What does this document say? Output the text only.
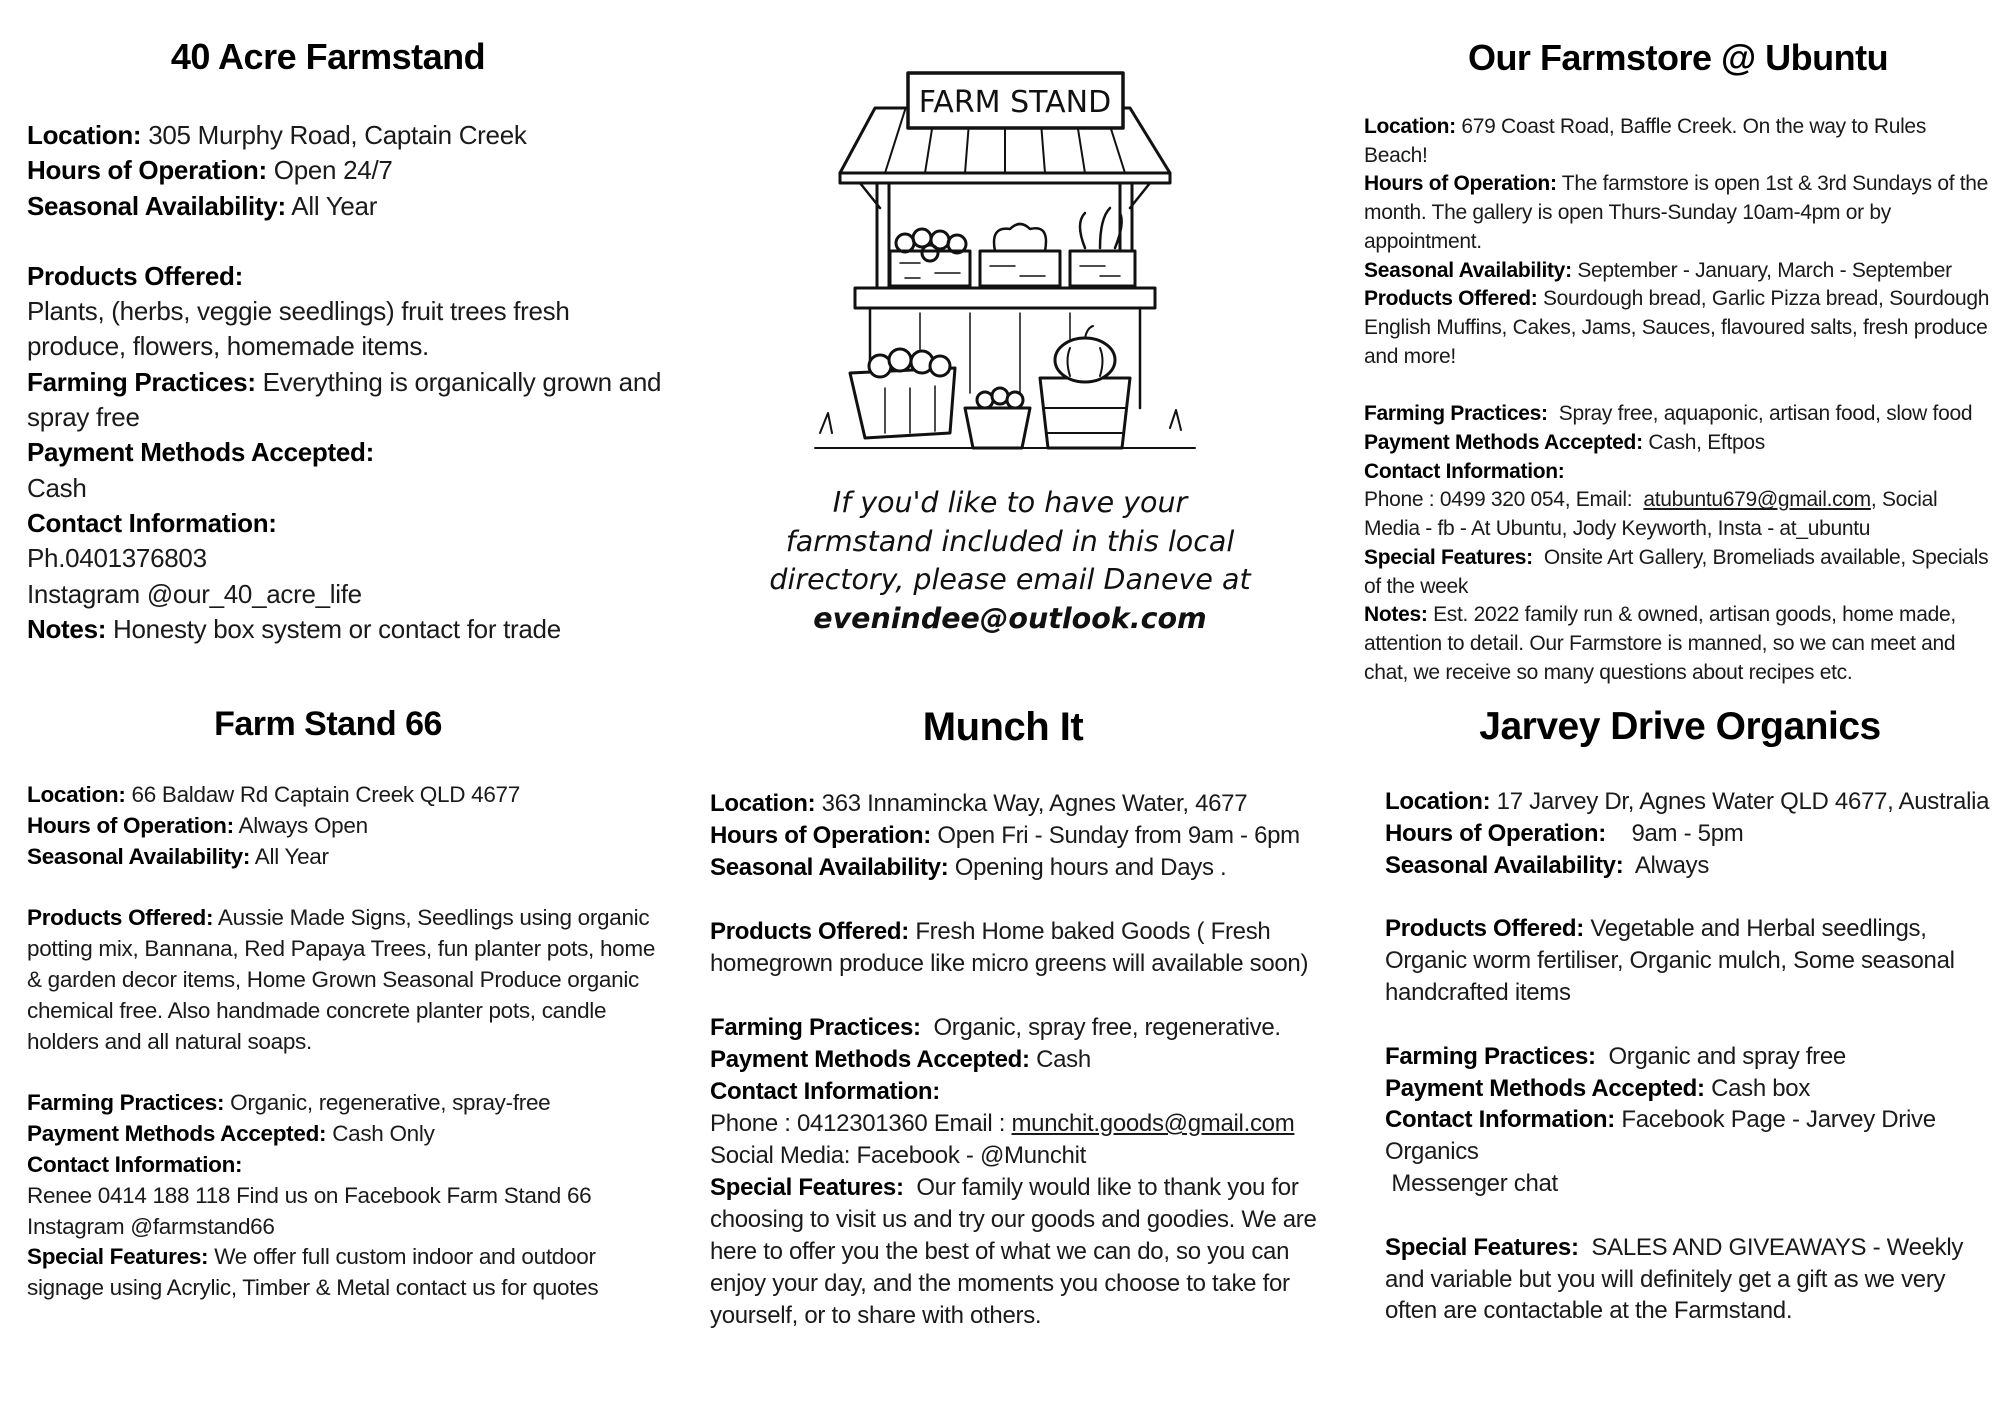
40 Acre Farmstand

Location: 305 Murphy Road, Captain Creek

Hours of Operation: Open 24/7

Seasonal Availability: All Year

Products Offered:

Plants, (herbs, veggie seedlings) fruit trees fresh produce, flowers, homemade items.

Farming Practices: Everything is organically grown and spray free

Payment Methods Accepted:

Cash

Contact Information:

Ph.0401376803

Instagram @our_40_acre_life

Notes: Honesty box system or contact for trade

FARM STAND
If you'd like to have your farmstand included in this local directory, please email Daneve at evenindee@outlook.com
Our Farmstore @ Ubuntu

Location: 679 Coast Road, Baffle Creek. On the way to Rules Beach!

Hours of Operation: The farmstore is open 1st & 3rd Sundays of the month. The gallery is open Thurs-Sunday 10am-4pm or by appointment.

Seasonal Availability: September - January, March - September

Products Offered: Sourdough bread, Garlic Pizza bread, Sourdough English Muffins, Cakes, Jams, Sauces, flavoured salts, fresh produce and more!

Farming Practices: Spray free, aquaponic, artisan food, slow food

Payment Methods Accepted: Cash, Eftpos

Contact Information:

Phone : 0499 320 054, Email: atubuntu679@gmail.com, Social Media - fb - At Ubuntu, Jody Keyworth, Insta - at_ubuntu

Special Features: Onsite Art Gallery, Bromeliads available, Specials of the week

Notes: Est. 2022 family run & owned, artisan goods, home made, attention to detail. Our Farmstore is manned, so we can meet and chat, we receive so many questions about recipes etc.

Farm Stand 66

Location: 66 Baldaw Rd Captain Creek QLD 4677

Hours of Operation: Always Open

Seasonal Availability: All Year

Products Offered: Aussie Made Signs, Seedlings using organic potting mix, Bannana, Red Papaya Trees, fun planter pots, home & garden decor items, Home Grown Seasonal Produce organic chemical free. Also handmade concrete planter pots, candle holders and all natural soaps.

Farming Practices: Organic, regenerative, spray-free

Payment Methods Accepted: Cash Only

Contact Information:

Renee 0414 188 118 Find us on Facebook Farm Stand 66

Instagram @farmstand66

Special Features: We offer full custom indoor and outdoor signage using Acrylic, Timber & Metal contact us for quotes

Munch It

Location: 363 Innamincka Way, Agnes Water, 4677

Hours of Operation: Open Fri - Sunday from 9am - 6pm

Seasonal Availability: Opening hours and Days .

Products Offered: Fresh Home baked Goods ( Fresh homegrown produce like micro greens will available soon)

Farming Practices: Organic, spray free, regenerative.

Payment Methods Accepted: Cash

Contact Information:

Phone : 0412301360 Email : munchit.goods@gmail.com

Social Media: Facebook - @Munchit

Special Features: Our family would like to thank you for choosing to visit us and try our goods and goodies. We are here to offer you the best of what we can do, so you can enjoy your day, and the moments you choose to take for yourself, or to share with others.

Jarvey Drive Organics

Location: 17 Jarvey Dr, Agnes Water QLD 4677, Australia

Hours of Operation: 9am - 5pm

Seasonal Availability: Always

Products Offered: Vegetable and Herbal seedlings, Organic worm fertiliser, Organic mulch, Some seasonal handcrafted items

Farming Practices: Organic and spray free

Payment Methods Accepted: Cash box

Contact Information: Facebook Page - Jarvey Drive Organics

Messenger chat

Special Features: SALES AND GIVEAWAYS - Weekly and variable but you will definitely get a gift as we very often are contactable at the Farmstand.
